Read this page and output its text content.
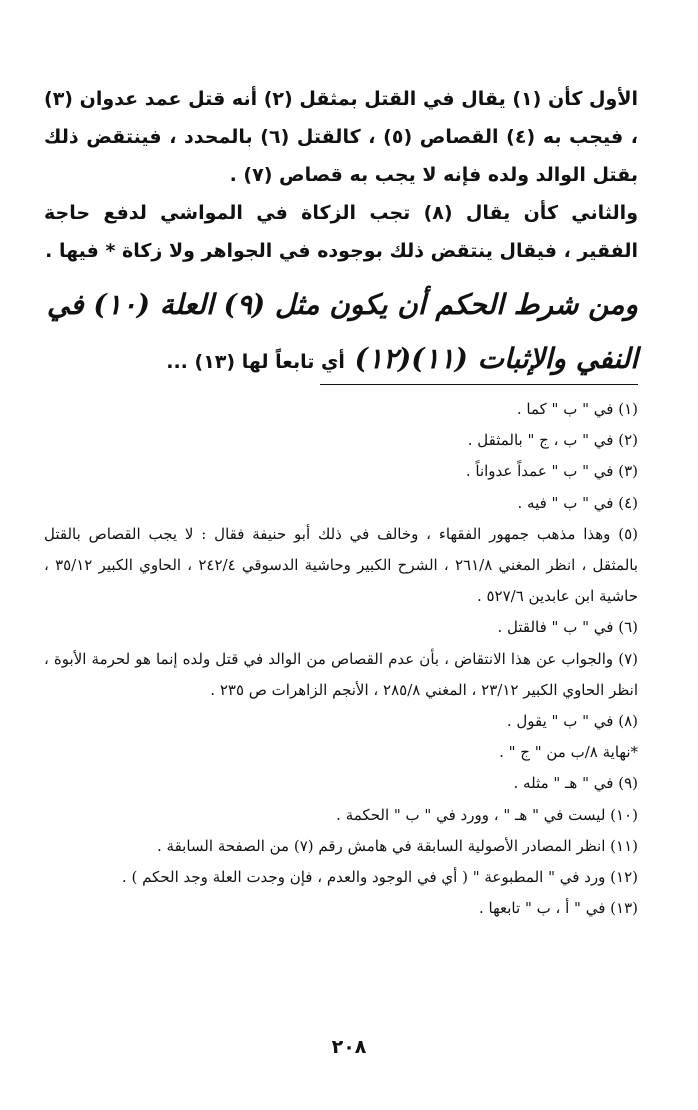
الأول كأن (١) يقال في القتل بمثقل (٢) أنه قتل عمد عدوان (٣) ، فيجب به (٤) القصاص (٥) ، كالقتل (٦) بالمحدد ، فينتقض ذلك بقتل الوالد ولده فإنه لا يجب به قصاص (٧) .

والثاني كأن يقال (٨) تجب الزكاة في المواشي لدفع حاجة الفقير ، فيقال ينتقض ذلك بوجوده في الجواهر ولا زكاة * فيها .

ومن شرط الحكم أن يكون مثل (٩) العلة (١٠) في النفي والإثبات (١١)(١٢) أي تابعاً لها (١٣) ...
(١) في " ب " كما .
(٢) في " ب ، ج " بالمثقل .
(٣) في " ب " عمداً عدواناً .
(٤) في " ب " فيه .
(٥) وهذا مذهب جمهور الفقهاء ، وخالف في ذلك أبو حنيفة فقال : لا يجب القصاص بالقتل بالمثقل ، انظر المغني ٢٦١/٨ ، الشرح الكبير وحاشية الدسوقي ٢٤٢/٤ ، الحاوي الكبير ٣٥/١٢ ، حاشية ابن عابدين ٥٢٧/٦ .
(٦) في " ب " فالقتل .
(٧) والجواب عن هذا الانتقاض ، بأن عدم القصاص من الوالد في قتل ولده إنما هو لحرمة الأبوة ، انظر الحاوي الكبير ٢٣/١٢ ، المغني ٢٨٥/٨ ، الأنجم الزاهرات ص ٢٣٥ .
(٨) في " ب " يقول .
*نهاية ٨/ب من " ج " .
(٩) في " هـ " مثله .
(١٠) ليست في " هـ " ، وورد في " ب " الحكمة .
(١١) انظر المصادر الأصولية السابقة في هامش رقم (٧) من الصفحة السابقة .
(١٢) ورد في " المطبوعة " ( أي في الوجود والعدم ، فإن وجدت العلة وجد الحكم ) .
(١٣) في " أ ، ب " تابعها .
٢٠٨
